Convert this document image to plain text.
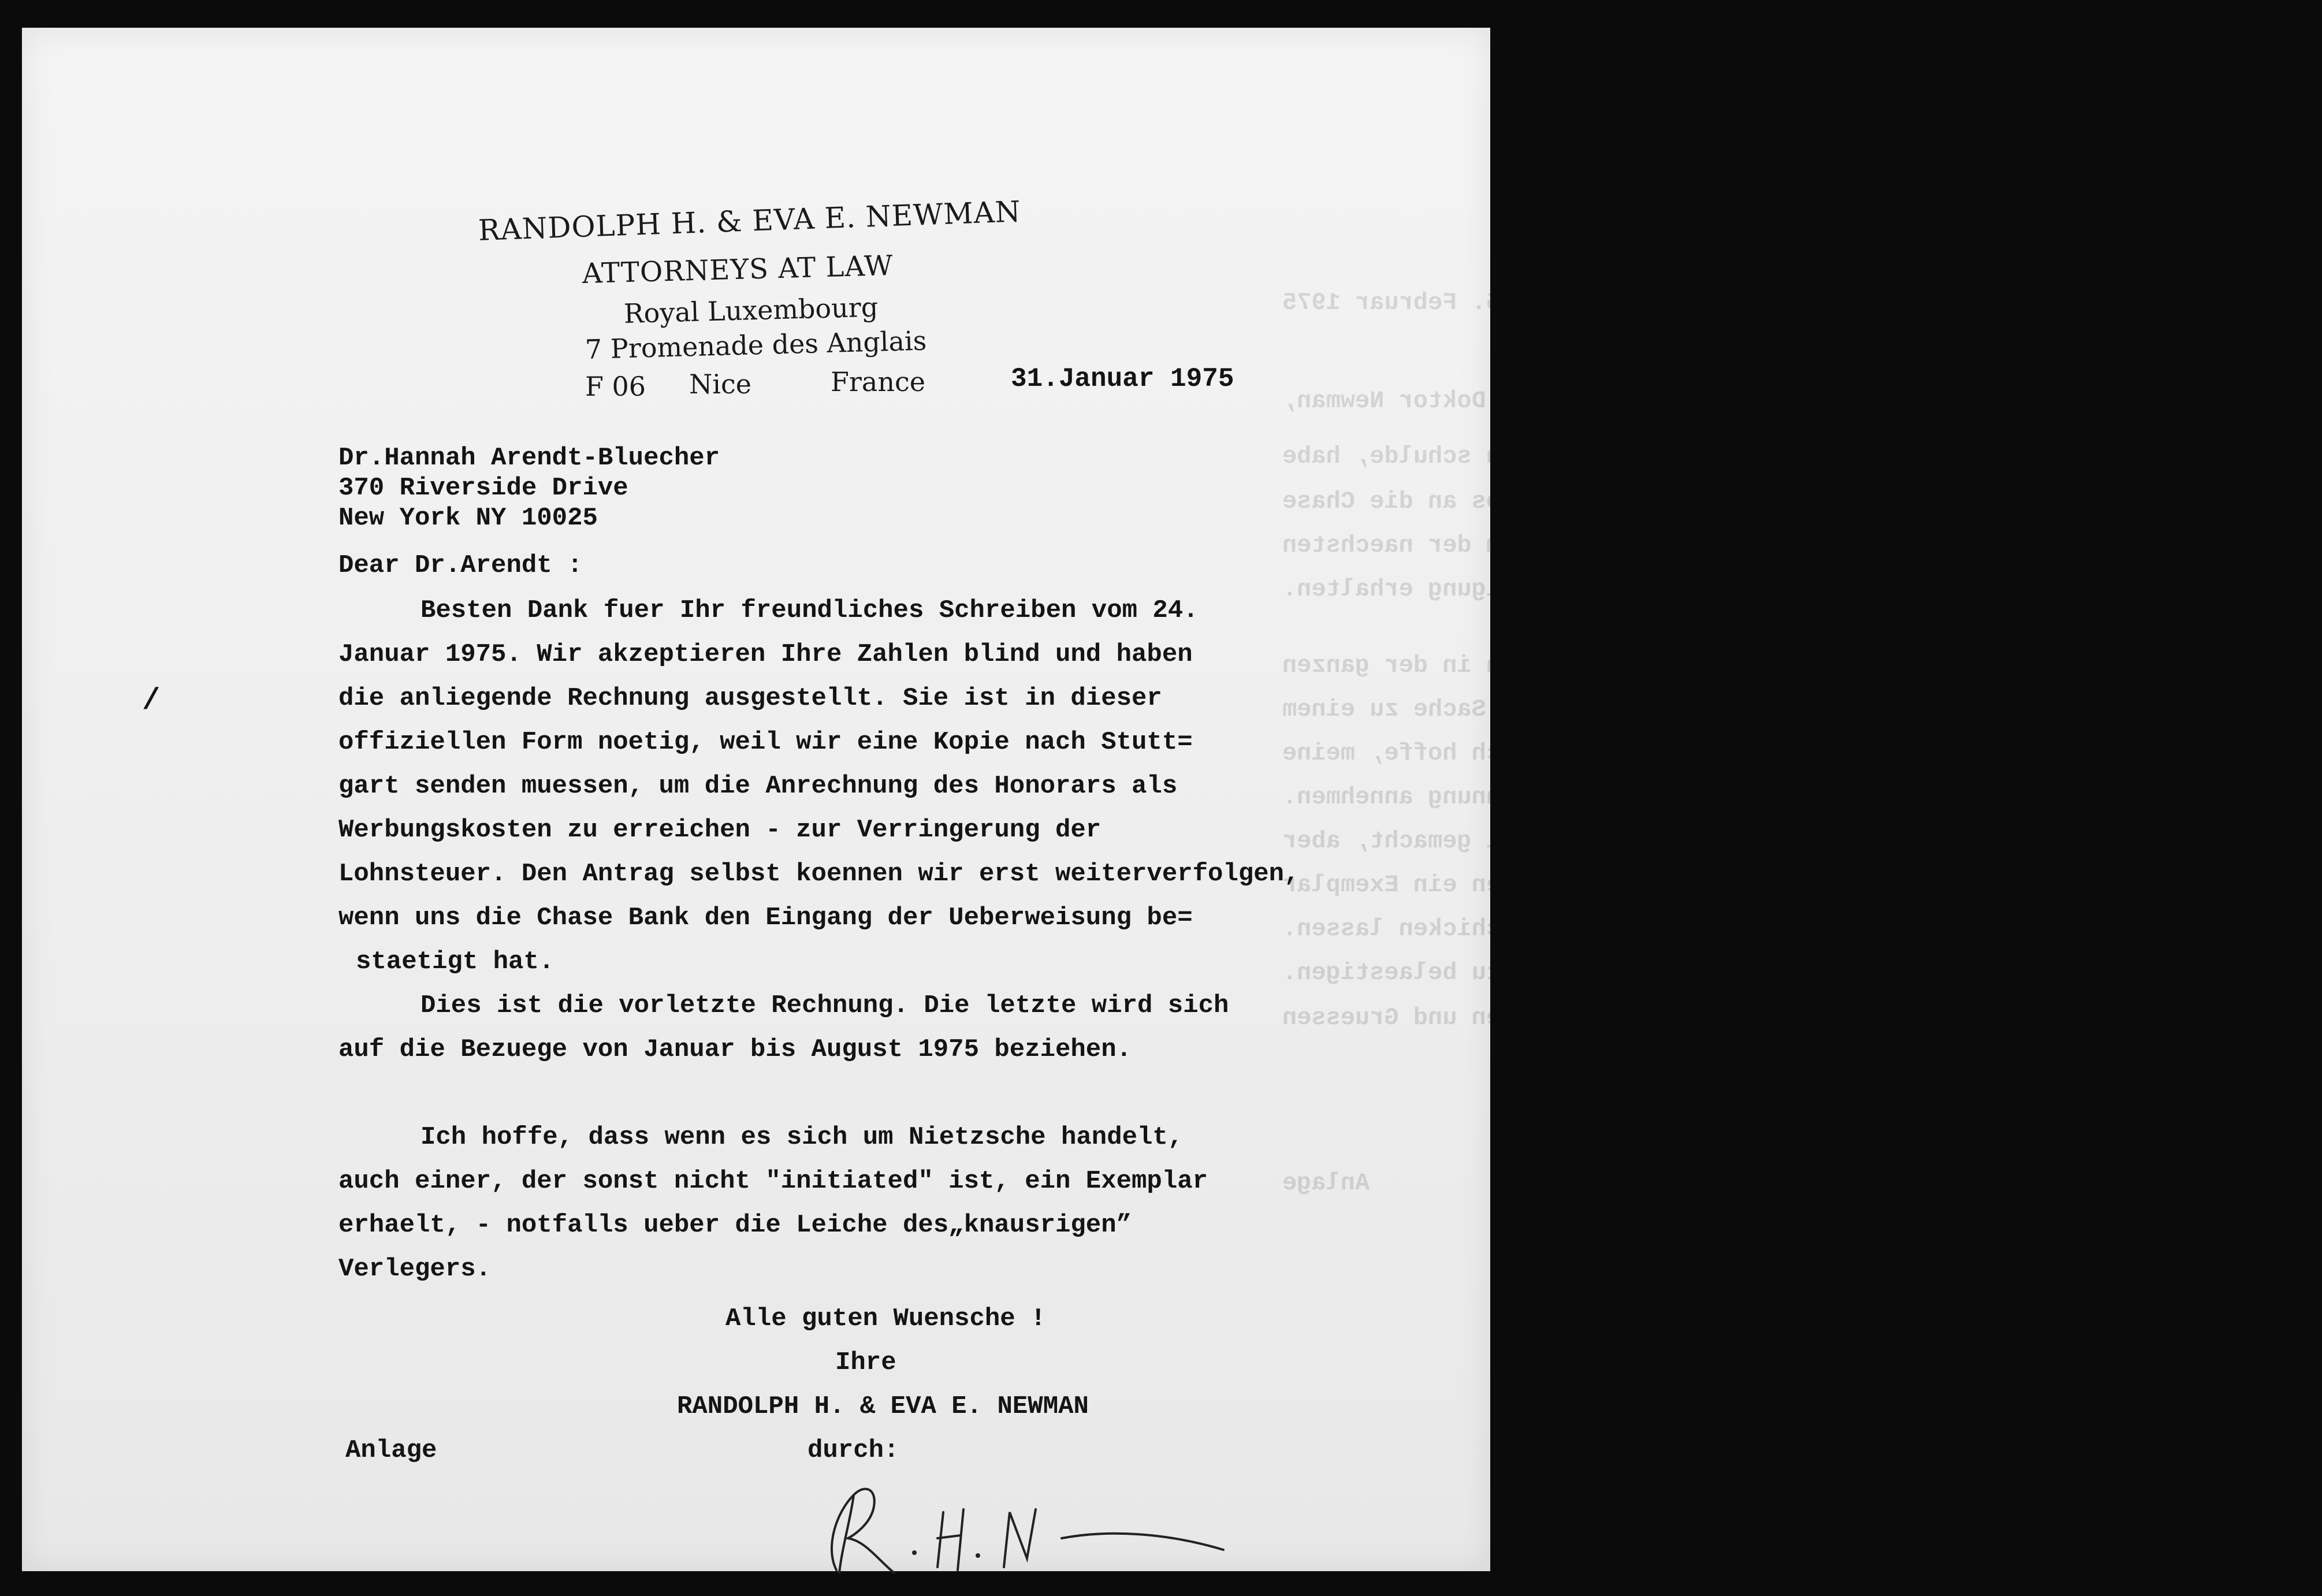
5. Februar 1975
Lieber Herr Doktor Newman,
den Scheck mit dem Betrag, den ich Ihnen schulde, habe
ich am 5. Februar zugunsten Ihres Kontos an die Chase
Manhattan Bank geschickt; Sie duerften an einem der naechsten
Tage die Benachrichtigung erhalten.
Ich danke Ihnen sehr fuer Ihre Bemuehungen in der ganzen
Angelegenheit und freue mich, dass wir die Sache zu einem
guten Abschluss bringen konnten. Ich hoffe, meine
Steuerberater in Stuttgart werden Ihre Rechnung annehmen.
Mit Nietzsche habe ich noch nicht viel gemacht, aber
sobald das Buch erscheint, werde ich Ihnen ein Exemplar
schicken lassen.
Es tut mir leid, Sie heute noch zu belaestigen.
Mit besten Empfehlungen und Gruessen
Anlage
RANDOLPH H. & EVA E. NEWMAN
ATTORNEYS AT LAW
Royal Luxembourg
7 Promenade des Anglais
F 06 Nice	France	31.Januar 1975
Dr.Hannah Arendt-Bluecher
370 Riverside Drive
New York NY 10025
Dear Dr.Arendt :
/
Besten Dank fuer Ihr freundliches Schreiben vom 24.
Januar 1975. Wir akzeptieren Ihre Zahlen blind und haben
die anliegende Rechnung ausgestellt. Sie ist in dieser
offiziellen Form noetig, weil wir eine Kopie nach Stutt=
gart senden muessen, um die Anrechnung des Honorars als
Werbungskosten zu erreichen - zur Verringerung der
Lohnsteuer. Den Antrag selbst koennen wir erst weiterverfolgen,
wenn uns die Chase Bank den Eingang der Ueberweisung be=
staetigt hat.
Dies ist die vorletzte Rechnung. Die letzte wird sich
auf die Bezuege von Januar bis August 1975 beziehen.
Ich hoffe, dass wenn es sich um Nietzsche handelt,
auch einer, der sonst nicht "initiated" ist, ein Exemplar
erhaelt, - notfalls ueber die Leiche des„knausrigen”
Verlegers.
Alle guten Wuensche !
Ihre
RANDOLPH H. & EVA E. NEWMAN
durch:
Anlage
